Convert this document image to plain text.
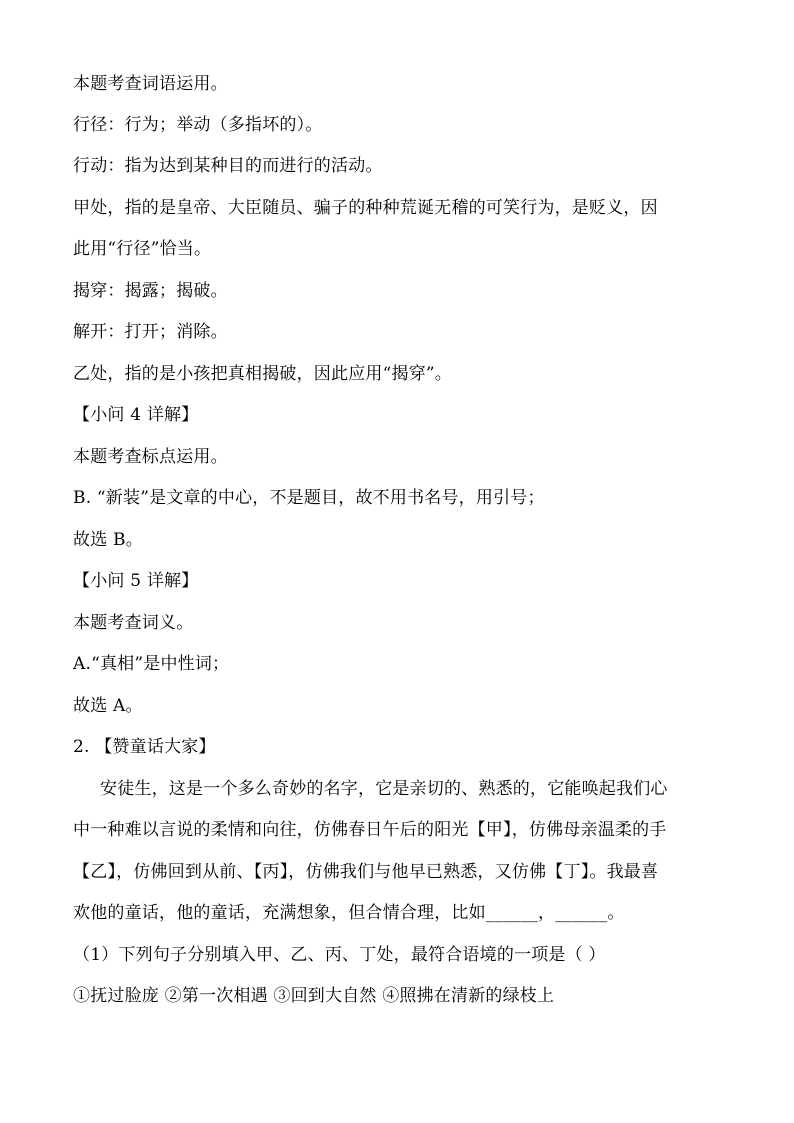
本题考查词语运用。
行径：行为；举动（多指坏的）。
行动：指为达到某种目的而进行的活动。
甲处，指的是皇帝、大臣随员、骗子的种种荒诞无稽的可笑行为，是贬义，因
此用“行径”恰当。
揭穿：揭露；揭破。
解开：打开；消除。
乙处，指的是小孩把真相揭破，因此应用“揭穿”。
【小问 4 详解】
本题考查标点运用。
B. “新装”是文章的中心，不是题目，故不用书名号，用引号；
故选 B。
【小问 5 详解】
本题考查词义。
A.“真相”是中性词；
故选 A。
2. 【赞童话大家】
安徒生，这是一个多么奇妙的名字，它是亲切的、熟悉的，它能唤起我们心
中一种难以言说的柔情和向往，仿佛春日午后的阳光【甲】，仿佛母亲温柔的手
【乙】，仿佛回到从前、【丙】，仿佛我们与他早已熟悉，又仿佛【丁】。我最喜
欢他的童话，他的童话，充满想象，但合情合理，比如______，______。
（1）下列句子分别填入甲、乙、丙、丁处，最符合语境的一项是（ ）
①抚过脸庞 ②第一次相遇 ③回到大自然 ④照拂在清新的绿枝上
